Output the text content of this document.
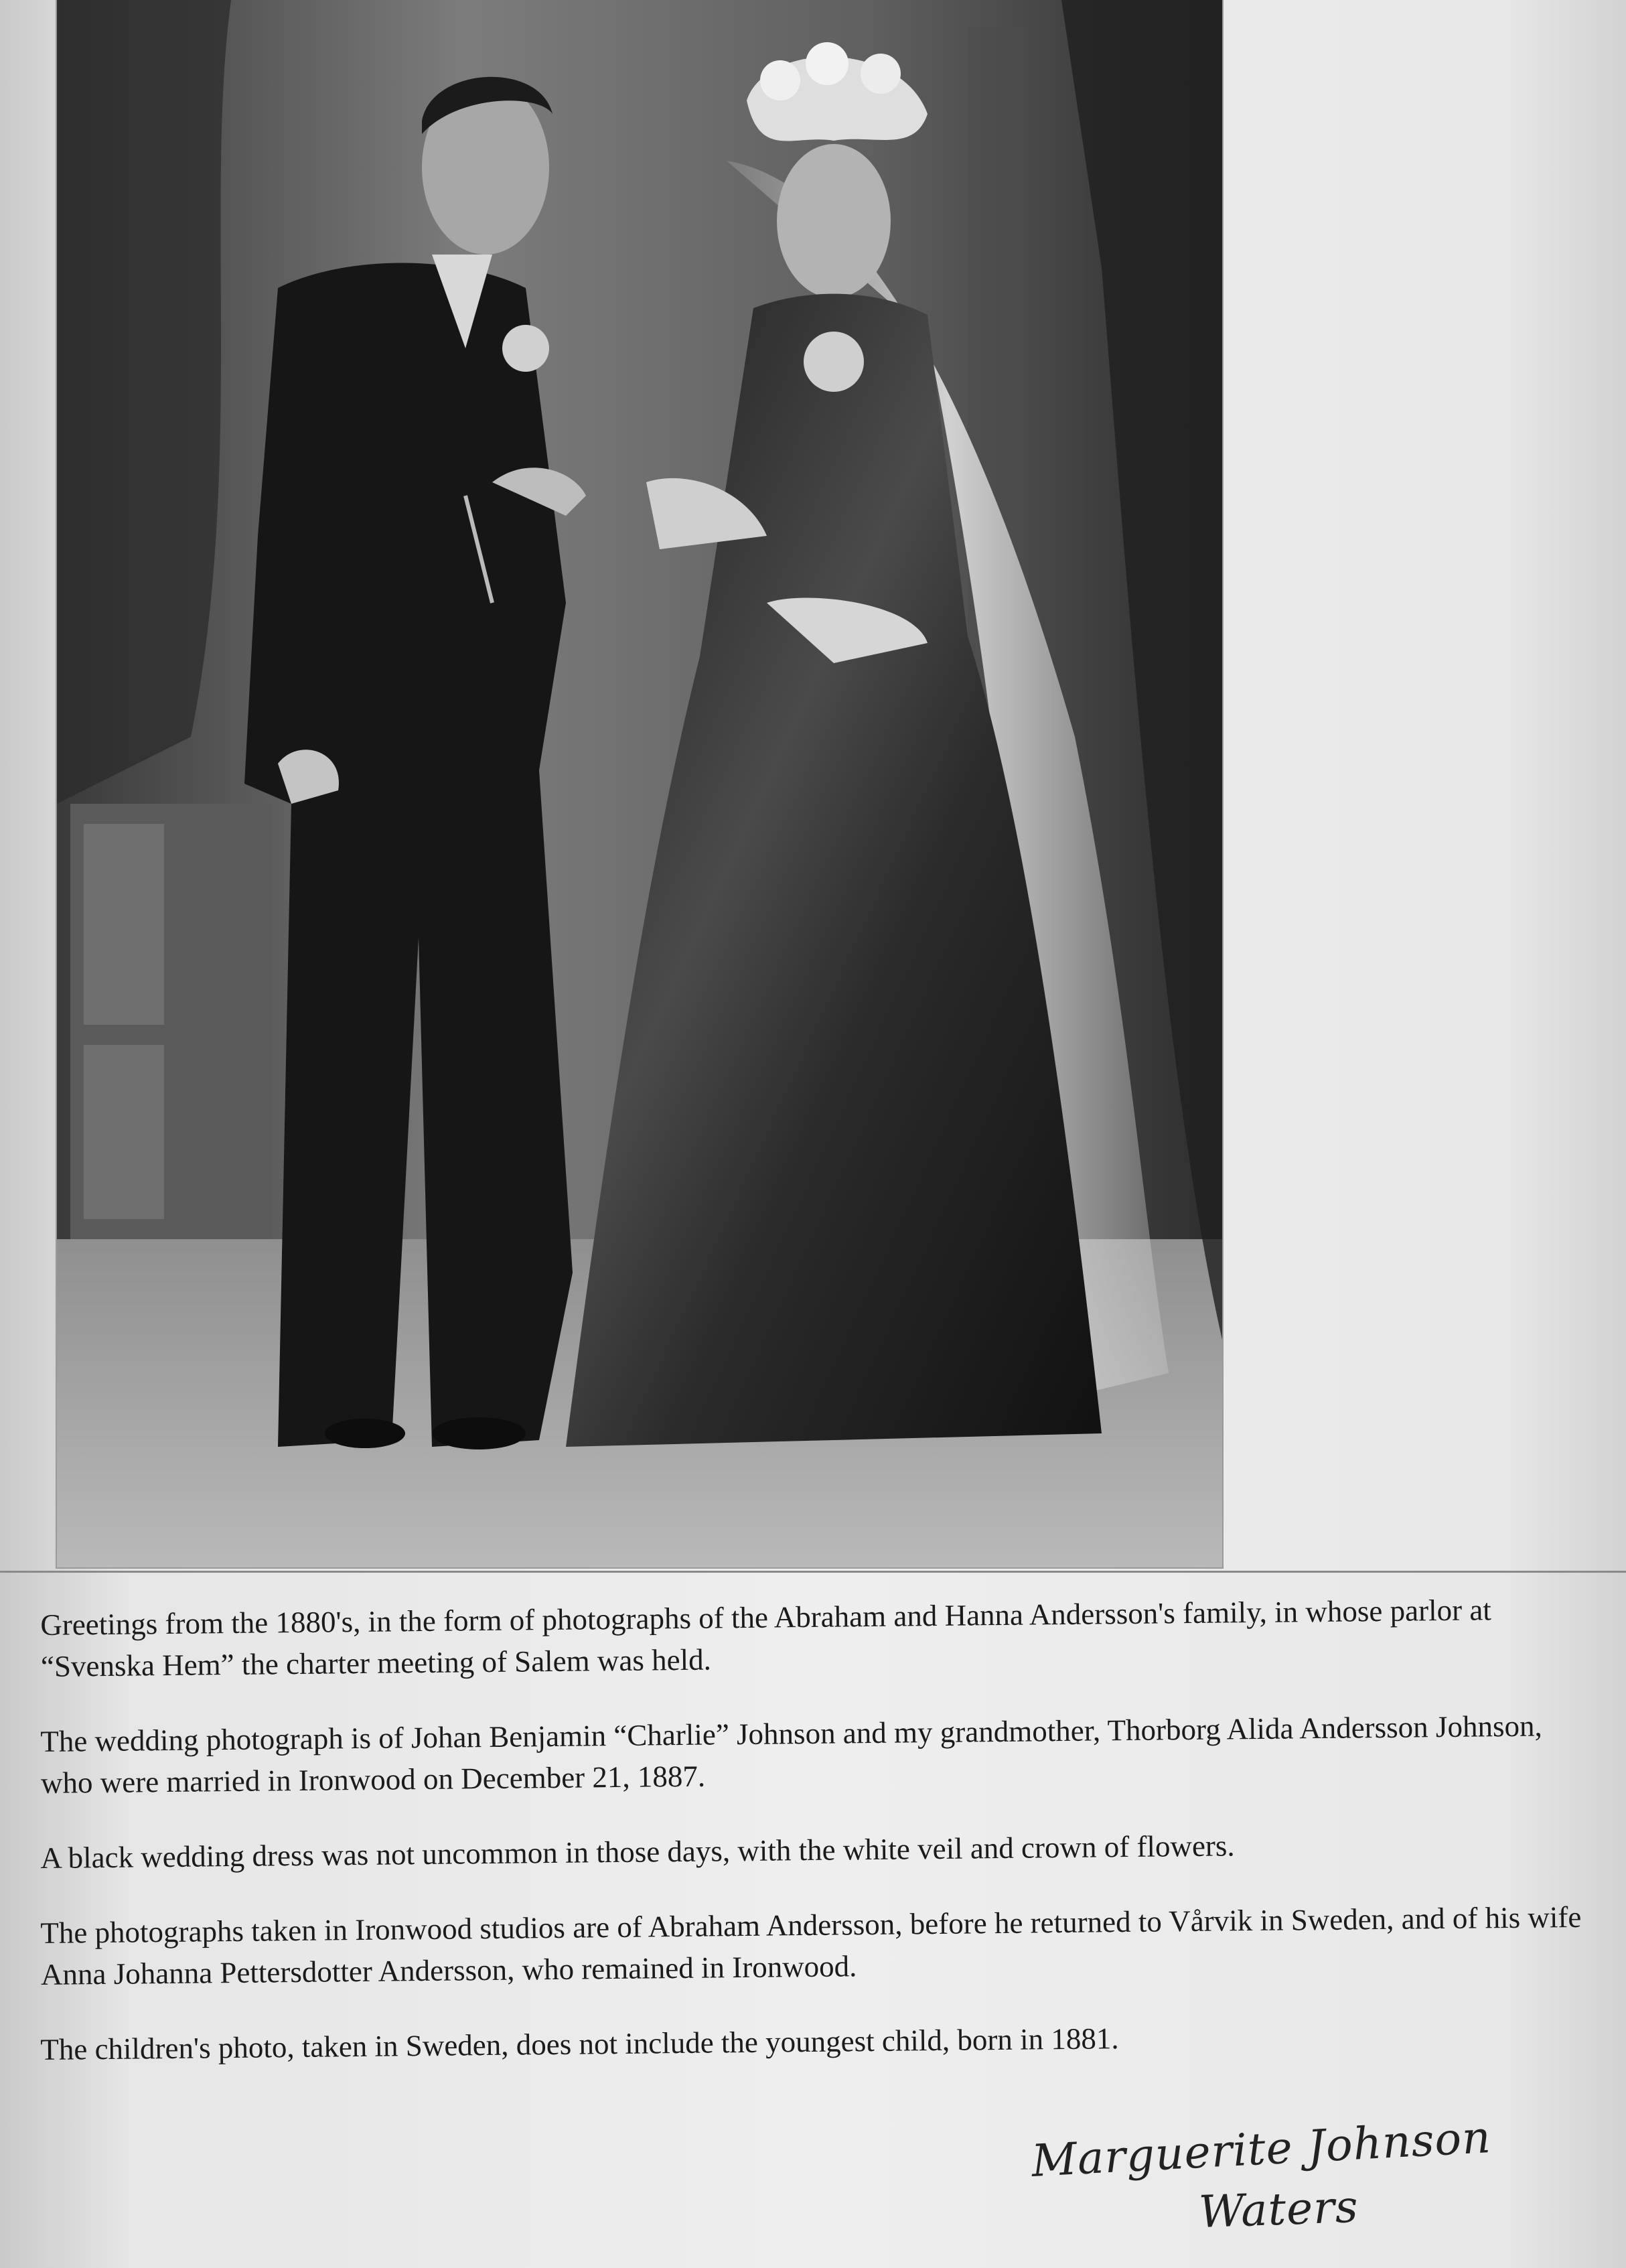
Greetings from the 1880's, in the form of photographs of the Abraham and Hanna Andersson's family, in whose parlor at “Svenska Hem” the charter meeting of Salem was held.

The wedding photograph is of Johan Benjamin “Charlie” Johnson and my grandmother, Thorborg Alida Andersson Johnson, who were married in Ironwood on December 21, 1887.

A black wedding dress was not uncommon in those days, with the white veil and crown of flowers.

The photographs taken in Ironwood studios are of Abraham Andersson, before he returned to Vårvik in Sweden, and of his wife Anna Johanna Pettersdotter Andersson, who remained in Ironwood.

The children's photo, taken in Sweden, does not include the youngest child, born in 1881.

Marguerite Johnson
Waters
